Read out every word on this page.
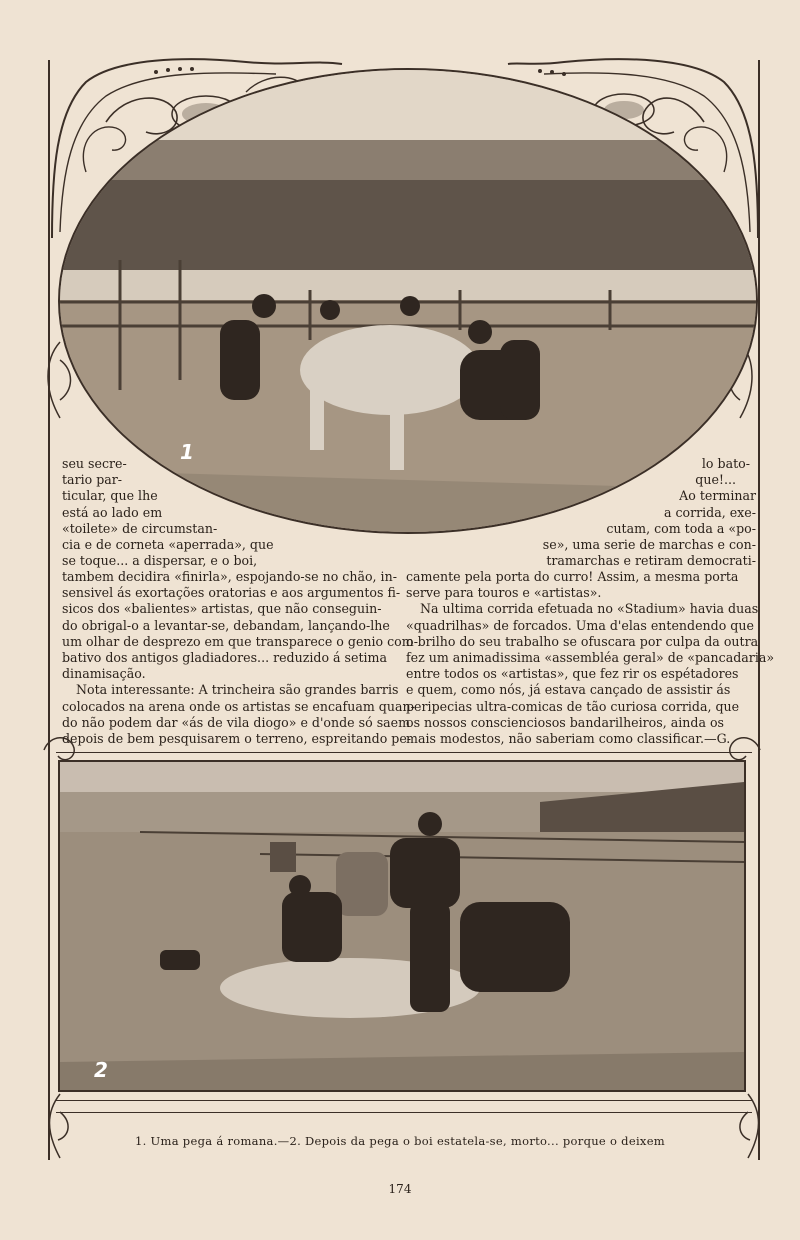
1
seu secre-
tario par-
ticular, que lhe
está ao lado em
«toilete» de circumstan-
cia e de corneta «aperrada», que
se toque... a dispersar, e o boi,
tambem decidira «finirla», espojando-se no chão, in-
sensivel ás exortações oratorias e aos argumentos fi-
sicos dos «balientes» artistas, que não conseguin-
do obrigal-o a levantar-se, debandam, lançando-lhe
um olhar de desprezo em que transparece o genio com-
bativo dos antigos gladiadores... reduzido á setima
dinamisação.
Nota interessante: A trincheira são grandes barris
colocados na arena onde os artistas se encafuam quan-
do não podem dar «ás de vila diogo» e d'onde só saem
depois de bem pesquisarem o terreno, espreitando pe-
lo bato-
que!...
Ao terminar
a corrida, exe-
cutam, com toda a «po-
se», uma serie de marchas e con-
tramarchas e retiram democrati-
camente pela porta do curro! Assim, a mesma porta
serve para touros e «artistas».
Na ultima corrida efetuada no «Stadium» havia duas
«quadrilhas» de forcados. Uma d'elas entendendo que
o brilho do seu trabalho se ofuscara por culpa da outra
fez um animadissima «assembléa geral» de «pancadaria»
entre todos os «artistas», que fez rir os espétadores
e quem, como nós, já estava cançado de assistir ás
peripecias ultra-comicas de tão curiosa corrida, que
os nossos conscienciosos bandarilheiros, ainda os
mais modestos, não saberiam como classificar.—G.
2
1. Uma pega á romana.—2. Depois da pega o boi estatela-se, morto... porque o deixem
174
